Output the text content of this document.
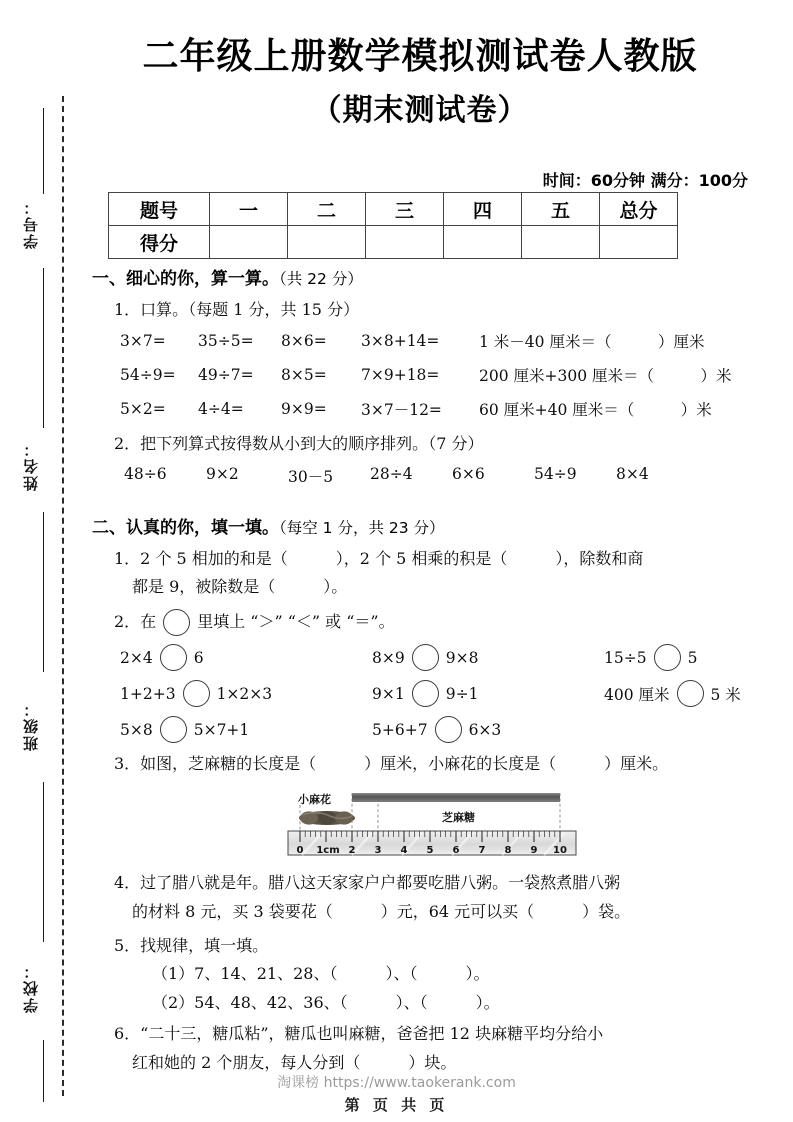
学号：
姓名：
班级：
学校：
二年级上册数学模拟测试卷人教版
（期末测试卷）
时间：60分钟 满分：100分
题号	一	二	三	四	五	总分
得分						
一、细心的你，算一算。（共 22 分）
1．口算。（每题 1 分，共 15 分）
3×7=	35÷5=	8×6=	3×8+14=	1 米－40 厘米＝（　　　）厘米
54÷9=	49÷7=	8×5=	7×9+18=	200 厘米+300 厘米＝（　　　）米
5×2=	4÷4=	9×9=	3×7－12=	60 厘米+40 厘米＝（　　　）米
2．把下列算式按得数从小到大的顺序排列。（7 分）
48÷6	9×2	30－5	28÷4	6×6	54÷9	8×4
二、认真的你，填一填。（每空 1 分，共 23 分）
1．2 个 5 相加的和是（　　　），2 个 5 相乘的积是（　　　），除数和商
都是 9，被除数是（　　　）。
2．在	里填上 “＞” “＜” 或 “＝”。
2×4	6	8×9	9×8	15÷5	5
1+2+3	1×2×3	9×1	9÷1	400 厘米	5 米
5×8	5×7+1	5+6+7	6×3
3．如图，芝麻糖的长度是（　　　）厘米，小麻花的长度是（　　　）厘米。
芝麻糖
小麻花
0 1cm 2 3 4 5 6 7 8 9 10
4．过了腊八就是年。腊八这天家家户户都要吃腊八粥。一袋熬煮腊八粥
的材料 8 元，买 3 袋要花（　　　）元，64 元可以买（　　　）袋。
5．找规律，填一填。
（1）7、14、21、28、（　　　）、（　　　）。
（2）54、48、42、36、（　　　）、（　　　）。
6．“二十三，糖瓜粘”，糖瓜也叫麻糖，爸爸把 12 块麻糖平均分给小
红和她的 2 个朋友，每人分到（　　　）块。
淘课榜 https://www.taokerank.com
第 页 共 页
